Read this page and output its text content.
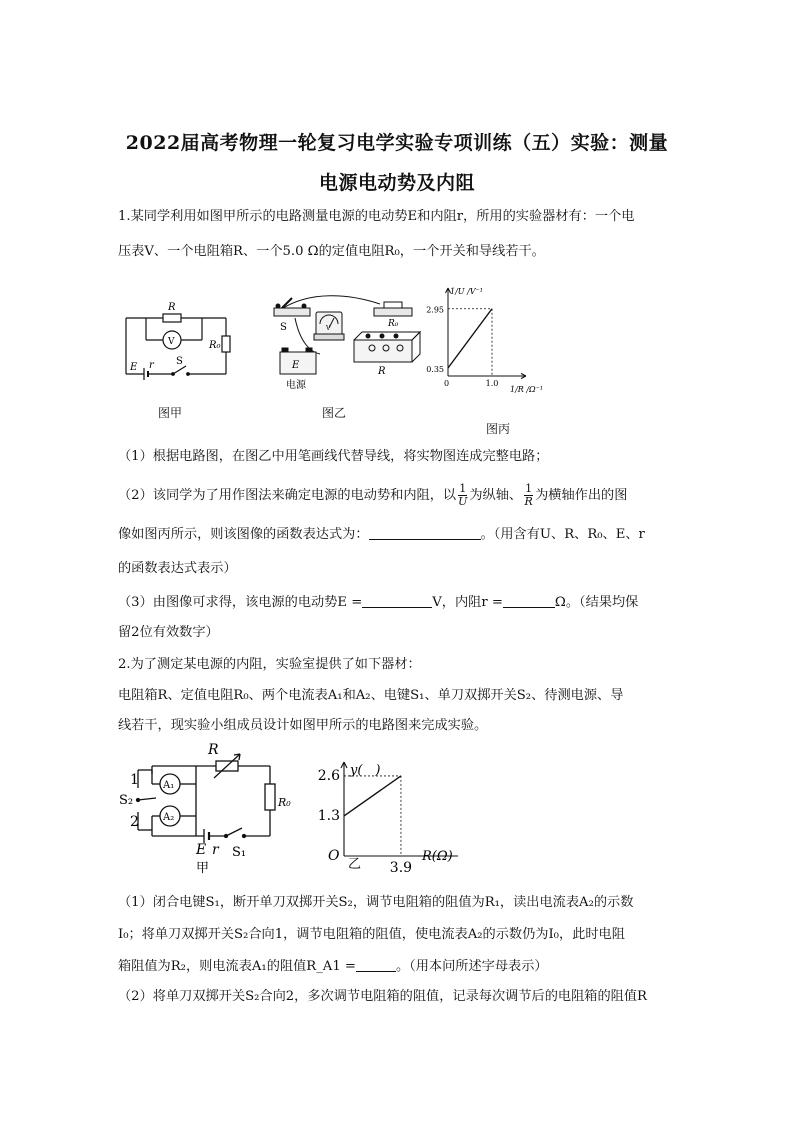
2022届高考物理一轮复习电学实验专项训练（五）实验：测量
电源电动势及内阻
1.某同学利用如图甲所示的电路测量电源的电动势E和内阻r，所用的实验器材有：一个电
压表V、一个电阻箱R、一个5.0 Ω的定值电阻R₀，一个开关和导线若干。
R
V	R₀
E r S
图甲
S	R₀
V
E
电源
R
图乙
0.35
2.95
1.0
1/U /V⁻¹
1/R /Ω⁻¹
0
图丙
（1）根据电路图，在图乙中用笔画线代替导线，将实物图连成完整电路；
（2）该同学为了用作图法来确定电源的电动势和内阻，以 $\frac{1}{U}$ 为纵轴、 $\frac{1}{R}$ 为横轴作出的图
像如图丙所示，则该图像的函数表达式为：	。（用含有U、R、R₀、E、r
的函数表达式表示）
（3）由图像可求得，该电源的电动势E =	V，内阻r =	Ω。（结果均保
留2位有效数字）
2.为了测定某电源的内阻，实验室提供了如下器材：
电阻箱R、定值电阻R₀、两个电流表A₁和A₂、电键S₁、单刀双掷开关S₂、待测电源、导
线若干，现实验小组成员设计如图甲所示的电路图来完成实验。
R
R₀
A₁
A₂
S₂
1
2
E r S₁
甲
1.3
2.6
3.9
y(　)
R(Ω)
O
乙
（1）闭合电键S₁，断开单刀双掷开关S₂，调节电阻箱的阻值为R₁，读出电流表A₂的示数
I₀；将单刀双掷开关S₂合向1，调节电阻箱的阻值，使电流表A₂的示数仍为I₀，此时电阻
箱阻值为R₂，则电流表A₁的阻值R_A1 =	。（用本问所述字母表示）
（2）将单刀双掷开关S₂合向2，多次调节电阻箱的阻值，记录每次调节后的电阻箱的阻值R
